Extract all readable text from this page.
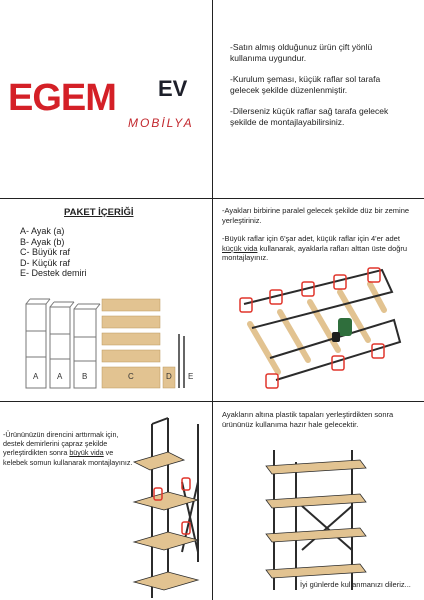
EGEM EV
MOBİLYA
-Satın almış olduğunuz ürün çift yönlü kullanıma uygundur.
-Kurulum şeması, küçük raflar sol tarafa gelecek şekilde düzenlenmiştir.
-Dilerseniz küçük raflar sağ tarafa gelecek şekilde de montajlayabilirsiniz.
PAKET İÇERİĞİ
A- Ayak (a)
B- Ayak (b)
C- Büyük raf
D- Küçük raf
E- Destek demiri
A A B	C	D E
-Ayakları birbirine paralel gelecek şekilde düz bir zemine yerleştiriniz.
-Büyük raflar için 6'şar adet, küçük raflar için 4'er adet küçük vida kullanarak, ayaklarla rafları alttan üste doğru montajlayınız.
-Ürününüzün direncini arttırmak için, destek demirlerini çapraz şekilde yerleştirdikten sonra büyük vida ve kelebek somun kullanarak montajlayınız.
Ayakların altına plastik tapaları yerleştirdikten sonra ürününüz kullanıma hazır hale gelecektir.
İyi günlerde kullanmanızı dileriz...
